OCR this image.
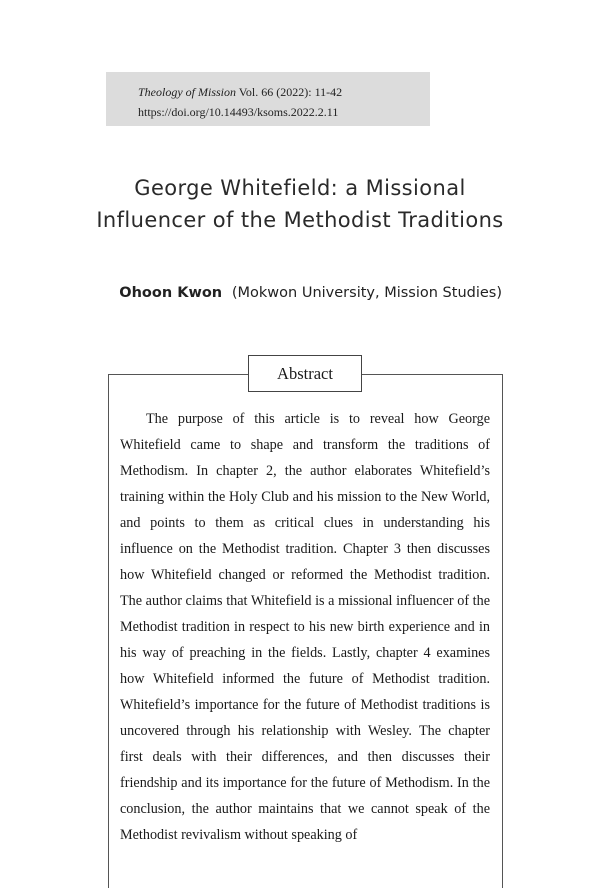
Theology of Mission Vol. 66 (2022): 11-42
https://doi.org/10.14493/ksoms.2022.2.11
George Whitefield: a Missional
Influencer of the Methodist Traditions
Ohoon Kwon (Mokwon University, Mission Studies)
Abstract

The purpose of this article is to reveal how George Whitefield came to shape and transform the traditions of Methodism. In chapter 2, the author elaborates Whitefield’s training within the Holy Club and his mission to the New World, and points to them as critical clues in understanding his influence on the Methodist tradition. Chapter 3 then discusses how Whitefield changed or reformed the Methodist tradition. The author claims that Whitefield is a missional influencer of the Methodist tradition in respect to his new birth experience and in his way of preaching in the fields. Lastly, chapter 4 examines how Whitefield informed the future of Methodist tradition. Whitefield’s importance for the future of Methodist traditions is uncovered through his relationship with Wesley. The chapter first deals with their differences, and then discusses their friendship and its importance for the future of Methodism. In the conclusion, the author maintains that we cannot speak of the Methodist revivalism without speaking of
